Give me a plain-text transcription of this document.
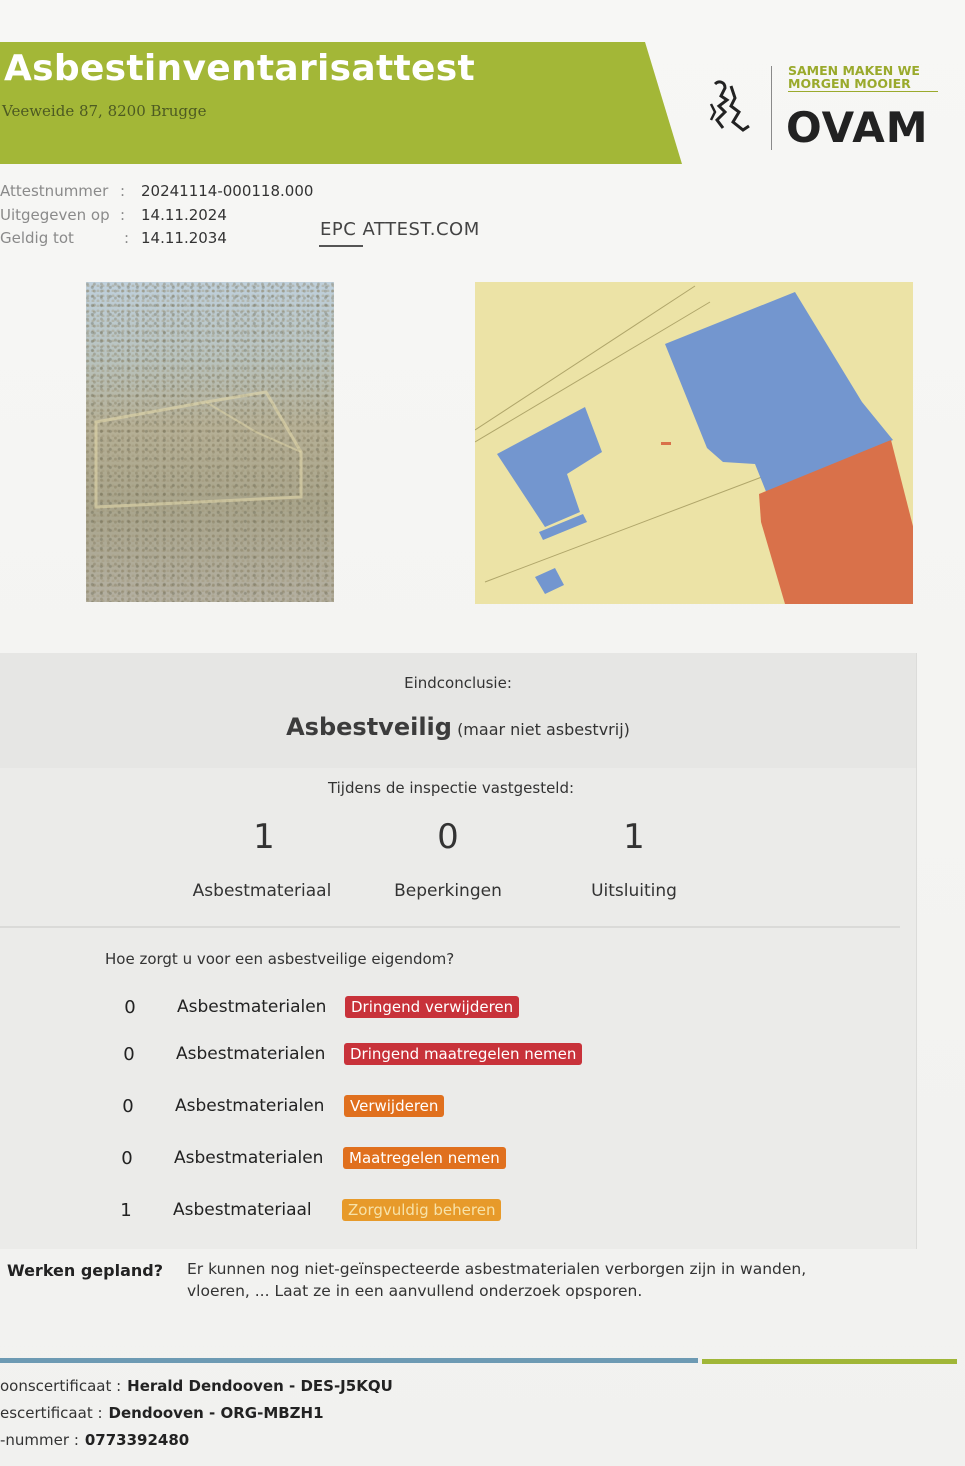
Asbestinventarisattest
Veeweide 87, 8200 Brugge
SAMEN MAKEN WE
MORGEN MOOIER
OVAM
Attestnummer : 20241114-000118.000
Uitgegeven op : 14.11.2024
Geldig tot	: 14.11.2034	EPC ATTEST.COM
Eindconclusie:
Asbestveilig (maar niet asbestvrij)
Tijdens de inspectie vastgesteld:
1	0	1
Asbestmateriaal	Beperkingen	Uitsluiting
Hoe zorgt u voor een asbestveilige eigendom?
0 Asbestmaterialen	Dringend verwijderen
0 Asbestmaterialen	Dringend maatregelen nemen
0 Asbestmaterialen	Verwijderen
0 Asbestmaterialen	Maatregelen nemen
1 Asbestmateriaal	Zorgvuldig beheren
Werken gepland? Er kunnen nog niet-geïnspecteerde asbestmaterialen verborgen zijn in wanden, vloeren, ... Laat ze in een aanvullend onderzoek opsporen.
oonscertificaat : Herald Dendooven - DES-J5KQU
escertificaat : Dendooven - ORG-MBZH1
-nummer : 0773392480
